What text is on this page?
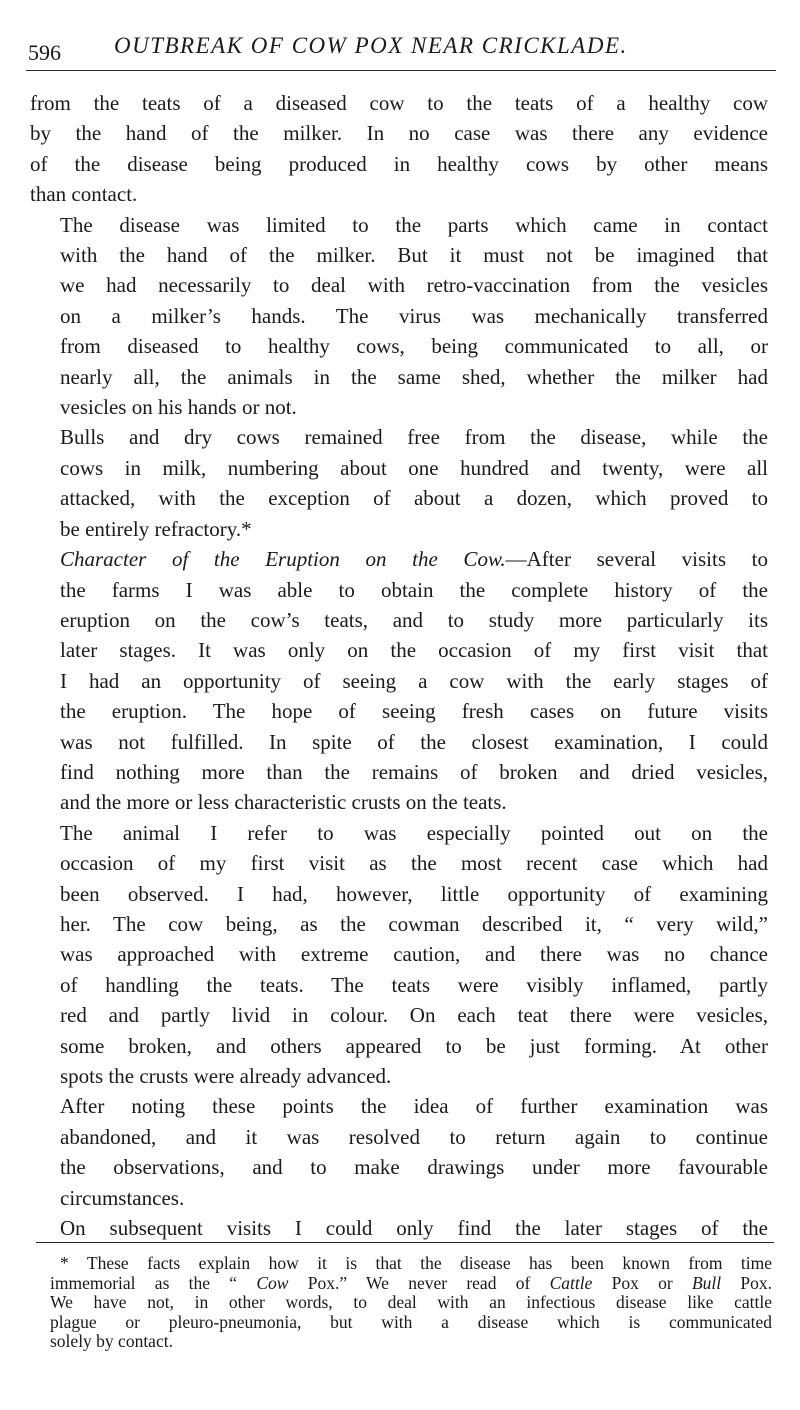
596 OUTBREAK OF COW POX NEAR CRICKLADE.

from the teats of a diseased cow to the teats of a healthy cow
by the hand of the milker. In no case was there any evidence
of the disease being produced in healthy cows by other means
than contact.

The disease was limited to the parts which came in contact
with the hand of the milker. But it must not be imagined that
we had necessarily to deal with retro-vaccination from the vesicles
on a milker’s hands. The virus was mechanically transferred
from diseased to healthy cows, being communicated to all, or
nearly all, the animals in the same shed, whether the milker had
vesicles on his hands or not.

Bulls and dry cows remained free from the disease, while the
cows in milk, numbering about one hundred and twenty, were all
attacked, with the exception of about a dozen, which proved to
be entirely refractory.*

Character of the Eruption on the Cow.—After several visits to
the farms I was able to obtain the complete history of the
eruption on the cow’s teats, and to study more particularly its
later stages. It was only on the occasion of my first visit that
I had an opportunity of seeing a cow with the early stages of
the eruption. The hope of seeing fresh cases on future visits
was not fulfilled. In spite of the closest examination, I could
find nothing more than the remains of broken and dried vesicles,
and the more or less characteristic crusts on the teats.

The animal I refer to was especially pointed out on the
occasion of my first visit as the most recent case which had
been observed. I had, however, little opportunity of examining
her. The cow being, as the cowman described it, “ very wild,”
was approached with extreme caution, and there was no chance
of handling the teats. The teats were visibly inflamed, partly
red and partly livid in colour. On each teat there were vesicles,
some broken, and others appeared to be just forming. At other
spots the crusts were already advanced.

After noting these points the idea of further examination was
abandoned, and it was resolved to return again to continue
the observations, and to make drawings under more favourable
circumstances.

On subsequent visits I could only find the later stages of the

* These facts explain how it is that the disease has been known from time
immemorial as the “ Cow Pox.” We never read of Cattle Pox or Bull Pox.
We have not, in other words, to deal with an infectious disease like cattle
plague or pleuro-pneumonia, but with a disease which is communicated
solely by contact.
